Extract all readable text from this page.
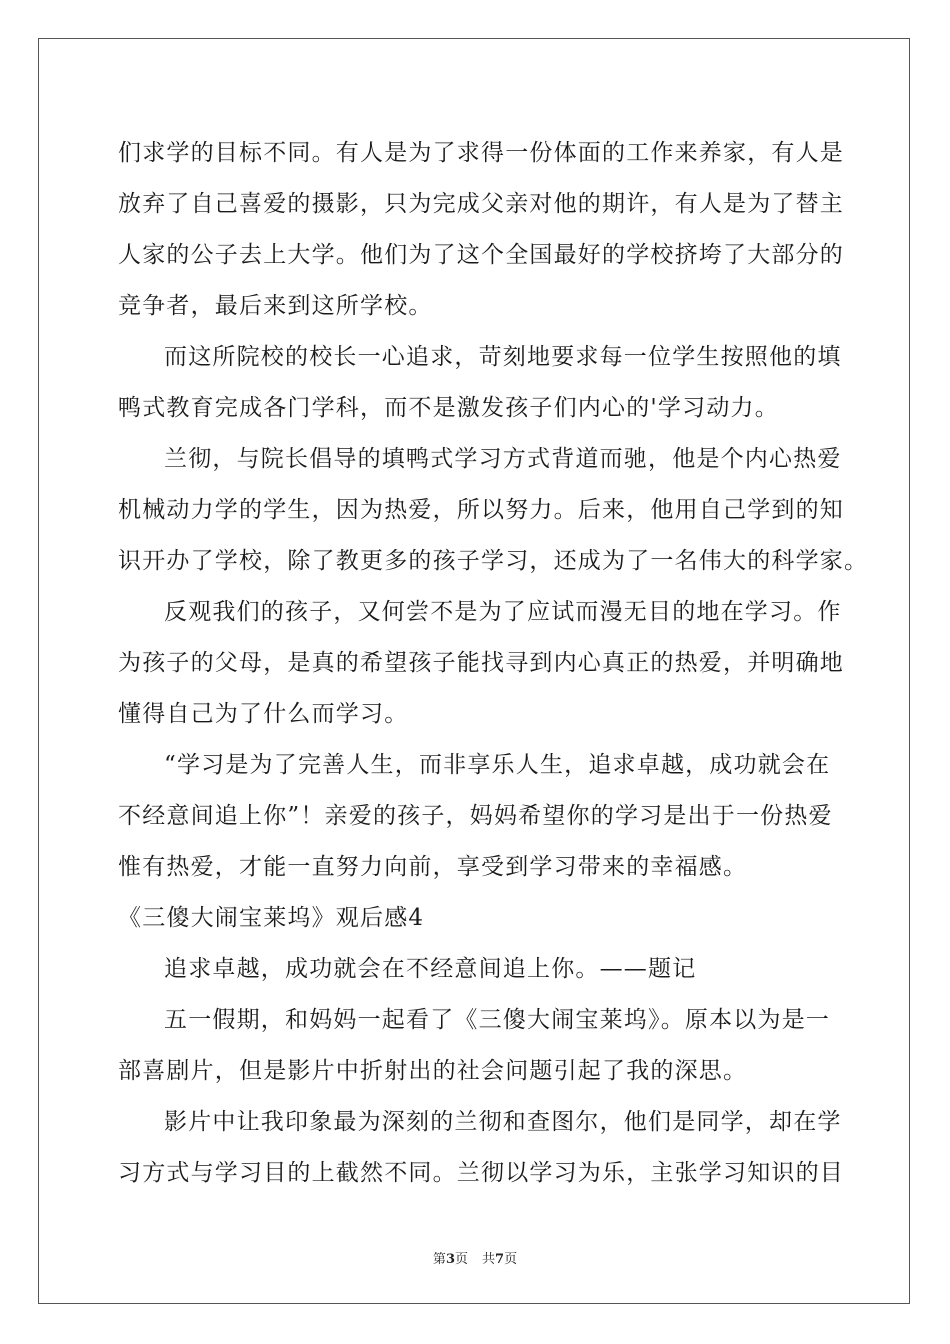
们求学的目标不同。有人是为了求得一份体面的工作来养家，有人是
放弃了自己喜爱的摄影，只为完成父亲对他的期许，有人是为了替主
人家的公子去上大学。他们为了这个全国最好的学校挤垮了大部分的
竞争者，最后来到这所学校。
而这所院校的校长一心追求，苛刻地要求每一位学生按照他的填
鸭式教育完成各门学科，而不是激发孩子们内心的'学习动力。
兰彻，与院长倡导的填鸭式学习方式背道而驰，他是个内心热爱
机械动力学的学生，因为热爱，所以努力。后来，他用自己学到的知
识开办了学校，除了教更多的孩子学习，还成为了一名伟大的科学家。
反观我们的孩子，又何尝不是为了应试而漫无目的地在学习。作
为孩子的父母，是真的希望孩子能找寻到内心真正的热爱，并明确地
懂得自己为了什么而学习。
“学习是为了完善人生，而非享乐人生，追求卓越，成功就会在
不经意间追上你”！亲爱的孩子，妈妈希望你的学习是出于一份热爱
惟有热爱，才能一直努力向前，享受到学习带来的幸福感。
《三傻大闹宝莱坞》观后感4
追求卓越，成功就会在不经意间追上你。——题记
五一假期，和妈妈一起看了《三傻大闹宝莱坞》。原本以为是一
部喜剧片，但是影片中折射出的社会问题引起了我的深思。
影片中让我印象最为深刻的兰彻和查图尔，他们是同学，却在学
习方式与学习目的上截然不同。兰彻以学习为乐，主张学习知识的目
第3页 共7页
